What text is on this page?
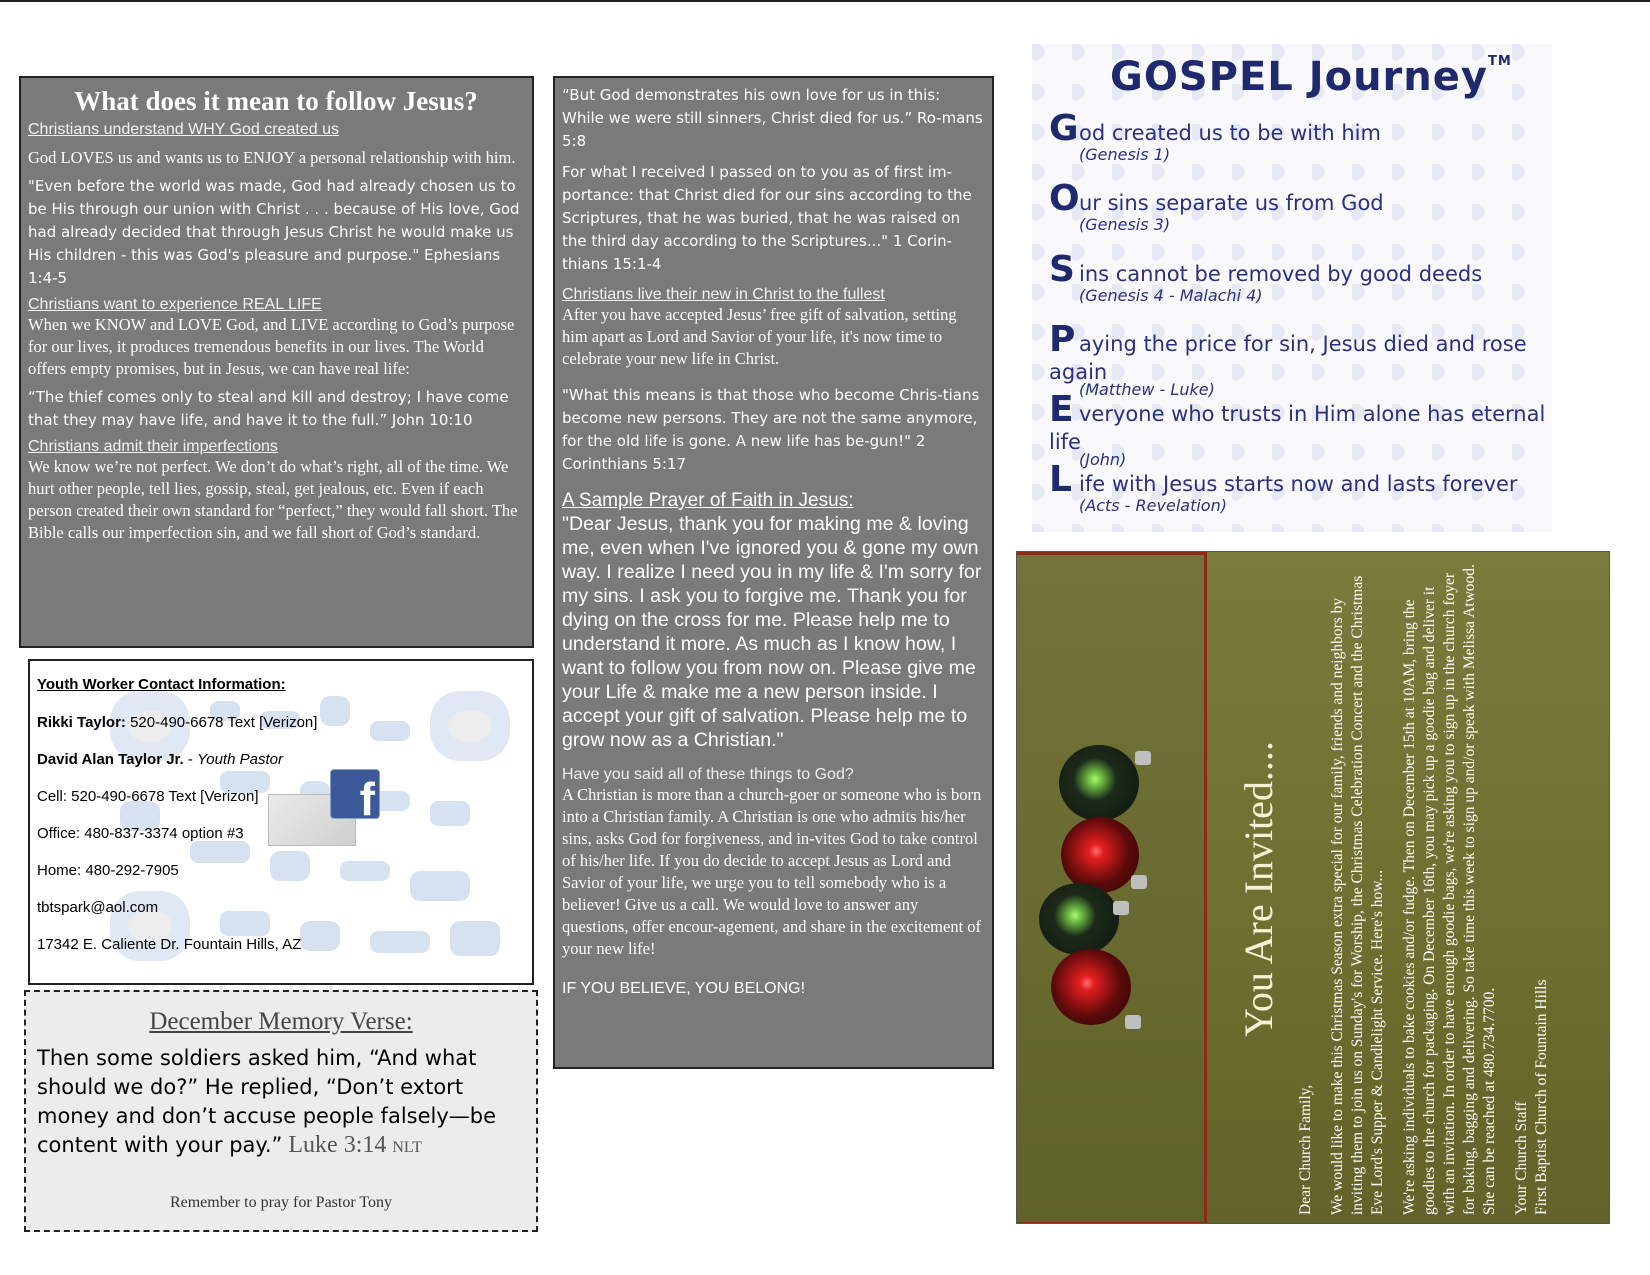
What does it mean to follow Jesus?
Christians understand WHY God created us

God LOVES us and wants us to ENJOY a personal relationship with him.

"Even before the world was made, God had already chosen us to be His through our union with Christ . . . because of His love, God had already decided that through Jesus Christ he would make us His children - this was God's pleasure and purpose." Ephesians 1:4-5

Christians want to experience REAL LIFE

When we KNOW and LOVE God, and LIVE according to God’s purpose for our lives, it produces tremendous benefits in our lives. The World offers empty promises, but in Jesus, we can have real life:

“The thief comes only to steal and kill and destroy; I have come that they may have life, and have it to the full.” John 10:10

Christians admit their imperfections

We know we’re not perfect. We don’t do what’s right, all of the time. We hurt other people, tell lies, gossip, steal, get jealous, etc. Even if each person created their own standard for “perfect,” they would fall short. The Bible calls our imperfection sin, and we fall short of God’s standard.

“But God demonstrates his own love for us in this: While we were still sinners, Christ died for us.” Ro-mans 5:8

For what I received I passed on to you as of first im-portance: that Christ died for our sins according to the Scriptures, that he was buried, that he was raised on the third day according to the Scriptures..." 1 Corin-thians 15:1-4

Christians live their new in Christ to the fullest

After you have accepted Jesus’ free gift of salvation, setting him apart as Lord and Savior of your life, it's now time to celebrate your new life in Christ.

"What this means is that those who become Chris-tians become new persons. They are not the same anymore, for the old life is gone. A new life has be-gun!" 2 Corinthians 5:17

A Sample Prayer of Faith in Jesus:
"Dear Jesus, thank you for making me & loving me, even when I've ignored you & gone my own way. I realize I need you in my life & I'm sorry for my sins. I ask you to forgive me. Thank you for dying on the cross for me. Please help me to understand it more. As much as I know how, I want to follow you from now on. Please give me your Life & make me a new person inside. I accept your gift of salvation. Please help me to grow now as a Christian."
Have you said all of these things to God?

A Christian is more than a church-goer or someone who is born into a Christian family. A Christian is one who admits his/her sins, asks God for forgiveness, and in-vites God to take control of his/her life. If you do decide to accept Jesus as Lord and Savior of your life, we urge you to tell somebody who is a believer! Give us a call. We would love to answer any questions, offer encour-agement, and share in the excitement of your new life!

IF YOU BELIEVE, YOU BELONG!
f
Youth Worker Contact Information:
Rikki Taylor: 520-490-6678 Text [Verizon]
David Alan Taylor Jr. - Youth Pastor
Cell: 520-490-6678 Text [Verizon]
Office: 480-837-3374 option #3
Home: 480-292-7905
tbtspark@aol.com
17342 E. Caliente Dr. Fountain Hills, AZ
December Memory Verse:
Then some soldiers asked him, “And what should we do?” He replied, “Don’t extort money and don’t accuse people falsely—be content with your pay.” Luke 3:14 NLT
Remember to pray for Pastor Tony
GOSPEL Journey™
God created us to be with him
(Genesis 1)
Our sins separate us from God
(Genesis 3)
Sins cannot be removed by good deeds
(Genesis 4 - Malachi 4)
Paying the price for sin, Jesus died and rose again
(Matthew - Luke)
Everyone who trusts in Him alone has eternal life
(John)
Life with Jesus starts now and lasts forever
(Acts - Revelation)
You Are Invited....

Dear Church Family, We would like to make this Christmas Season extra special for our family, friends and neighbors by inviting them to join us on Sunday's for Worship, the Christmas Celebration Concert and the Christmas Eve Lord's Supper & Candlelight Service. Here's how... We're asking individuals to bake cookies and/or fudge. Then on December 15th at 10AM, bring the goodies to the church for packaging. On December 16th, you may pick up a goodie bag and deliver it with an invitation. In order to have enough goodie bags, we're asking you to sign up in the church foyer for baking, bagging and delivering. So take time this week to sign up and/or speak with Melissa Atwood. She can be reached at 480.734.7700. Your Church Staff First Baptist Church of Fountain Hills
